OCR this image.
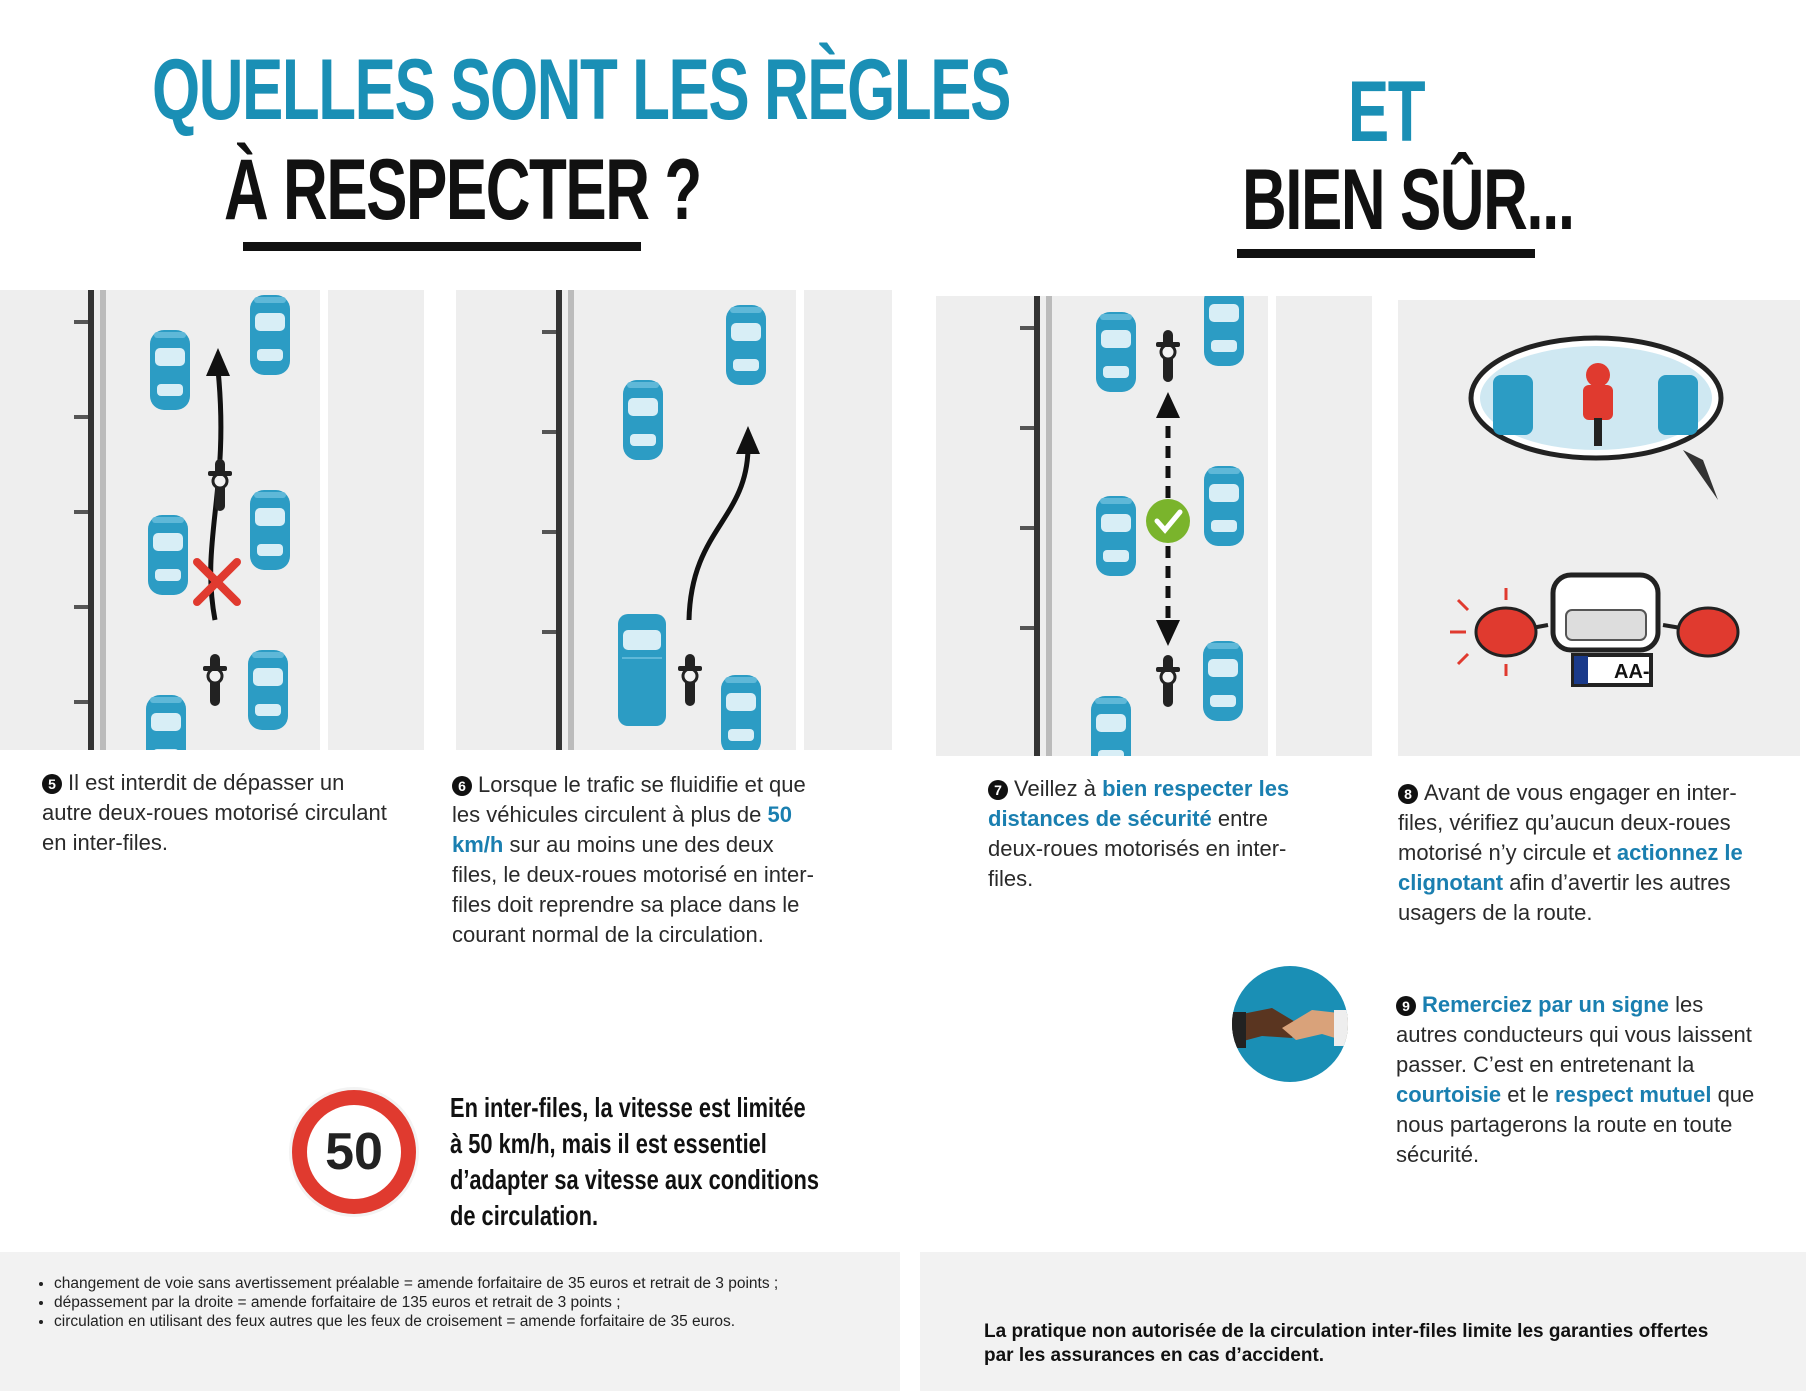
QUELLES SONT LES RÈGLES
À RESPECTER ?
ET
BIEN SÛR...
AA-
5 Il est interdit de dépasser un autre deux-roues motorisé circulant en inter-files.
6 Lorsque le trafic se fluidifie et que les véhicules circulent à plus de 50 km/h sur au moins une des deux files, le deux-roues motorisé en inter-files doit reprendre sa place dans le courant normal de la circulation.
7 Veillez à bien respecter les distances de sécurité entre deux-roues motorisés en inter-files.
8 Avant de vous engager en inter-files, vérifiez qu’aucun deux-roues motorisé n’y circule et actionnez le clignotant afin d’avertir les autres usagers de la route.
9 Remerciez par un signe les autres conducteurs qui vous laissent passer. C’est en entretenant la courtoisie et le respect mutuel que nous partagerons la route en toute sécurité.
50
En inter-files, la vitesse est limitée
à 50 km/h, mais il est essentiel
d’adapter sa vitesse aux conditions
de circulation.
• changement de voie sans avertissement préalable = amende forfaitaire de 35 euros et retrait de 3 points ;
• dépassement par la droite = amende forfaitaire de 135 euros et retrait de 3 points ;
• circulation en utilisant des feux autres que les feux de croisement = amende forfaitaire de 35 euros.	La pratique non autorisée de la circulation inter-files limite les garanties offertes par les assurances en cas d’accident.
